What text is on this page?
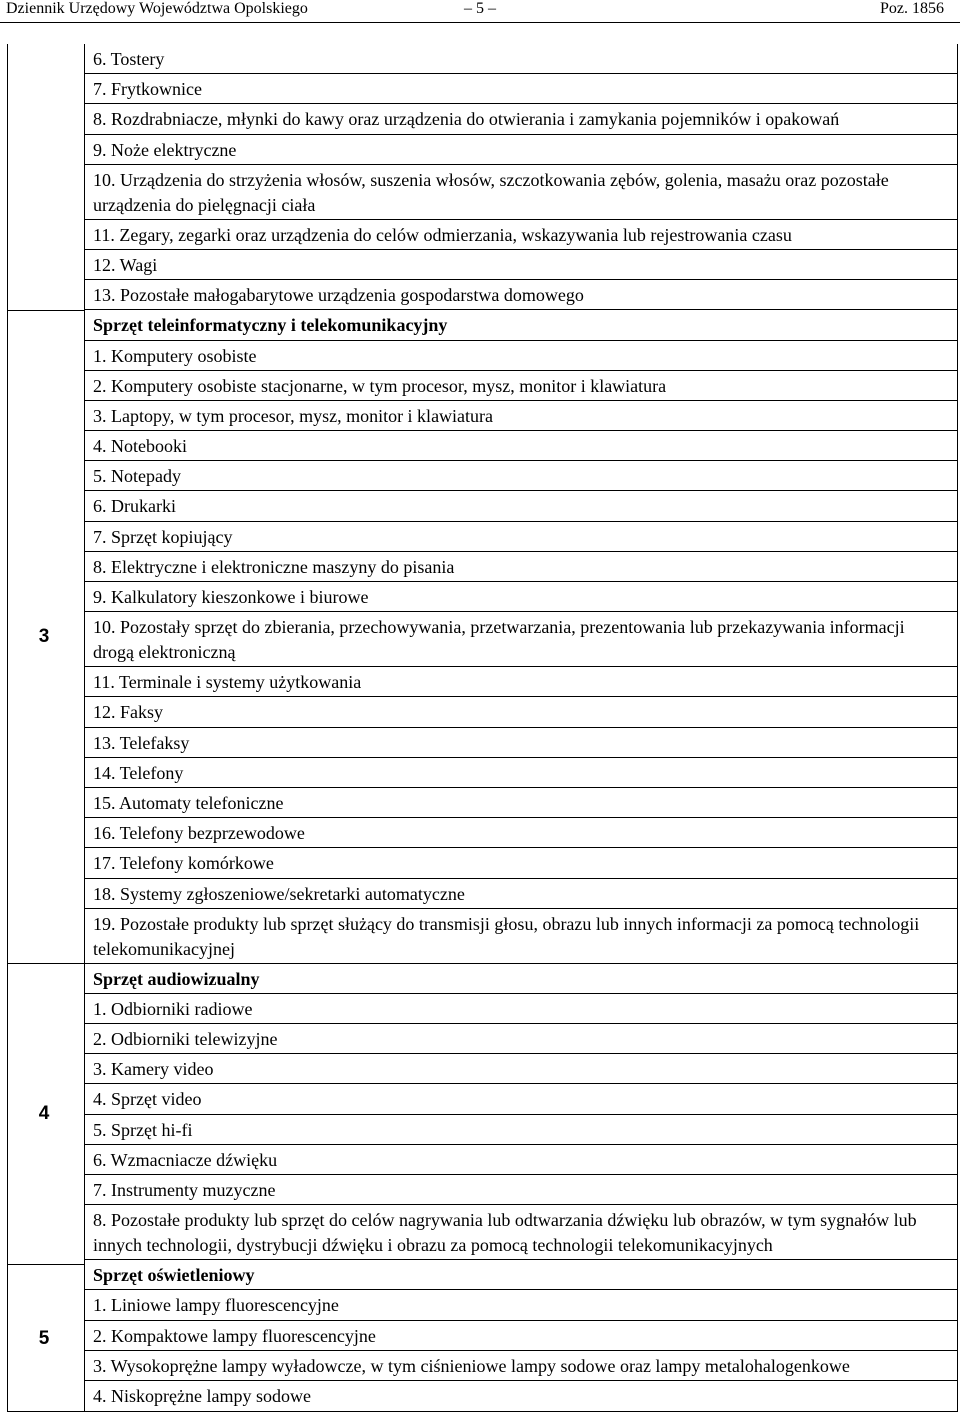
Dziennik Urzędowy Województwa Opolskiego	– 5 –	Poz. 1856
3
4
5
6. Tostery
7. Frytkownice
8. Rozdrabniacze, młynki do kawy oraz urządzenia do otwierania i zamykania pojemników i opakowań
9. Noże elektryczne
10. Urządzenia do strzyżenia włosów, suszenia włosów, szczotkowania zębów, golenia, masażu oraz pozostałe urządzenia do pielęgnacji ciała
11. Zegary, zegarki oraz urządzenia do celów odmierzania, wskazywania lub rejestrowania czasu
12. Wagi
13. Pozostałe małogabarytowe urządzenia gospodarstwa domowego
Sprzęt teleinformatyczny i telekomunikacyjny
1. Komputery osobiste
2. Komputery osobiste stacjonarne, w tym procesor, mysz, monitor i klawiatura
3. Laptopy, w tym procesor, mysz, monitor i klawiatura
4. Notebooki
5. Notepady
6. Drukarki
7. Sprzęt kopiujący
8. Elektryczne i elektroniczne maszyny do pisania
9. Kalkulatory kieszonkowe i biurowe
10. Pozostały sprzęt do zbierania, przechowywania, przetwarzania, prezentowania lub przekazywania informacji drogą elektroniczną
11. Terminale i systemy użytkowania
12. Faksy
13. Telefaksy
14. Telefony
15. Automaty telefoniczne
16. Telefony bezprzewodowe
17. Telefony komórkowe
18. Systemy zgłoszeniowe/sekretarki automatyczne
19. Pozostałe produkty lub sprzęt służący do transmisji głosu, obrazu lub innych informacji za pomocą technologii telekomunikacyjnej
Sprzęt audiowizualny
1. Odbiorniki radiowe
2. Odbiorniki telewizyjne
3. Kamery video
4. Sprzęt video
5. Sprzęt hi-fi
6. Wzmacniacze dźwięku
7. Instrumenty muzyczne
8. Pozostałe produkty lub sprzęt do celów nagrywania lub odtwarzania dźwięku lub obrazów, w tym sygnałów lub innych technologii, dystrybucji dźwięku i obrazu za pomocą technologii telekomunikacyjnych
Sprzęt oświetleniowy
1. Liniowe lampy fluorescencyjne
2. Kompaktowe lampy fluorescencyjne
3. Wysokoprężne lampy wyładowcze, w tym ciśnieniowe lampy sodowe oraz lampy metalohalogenkowe
4. Niskoprężne lampy sodowe
